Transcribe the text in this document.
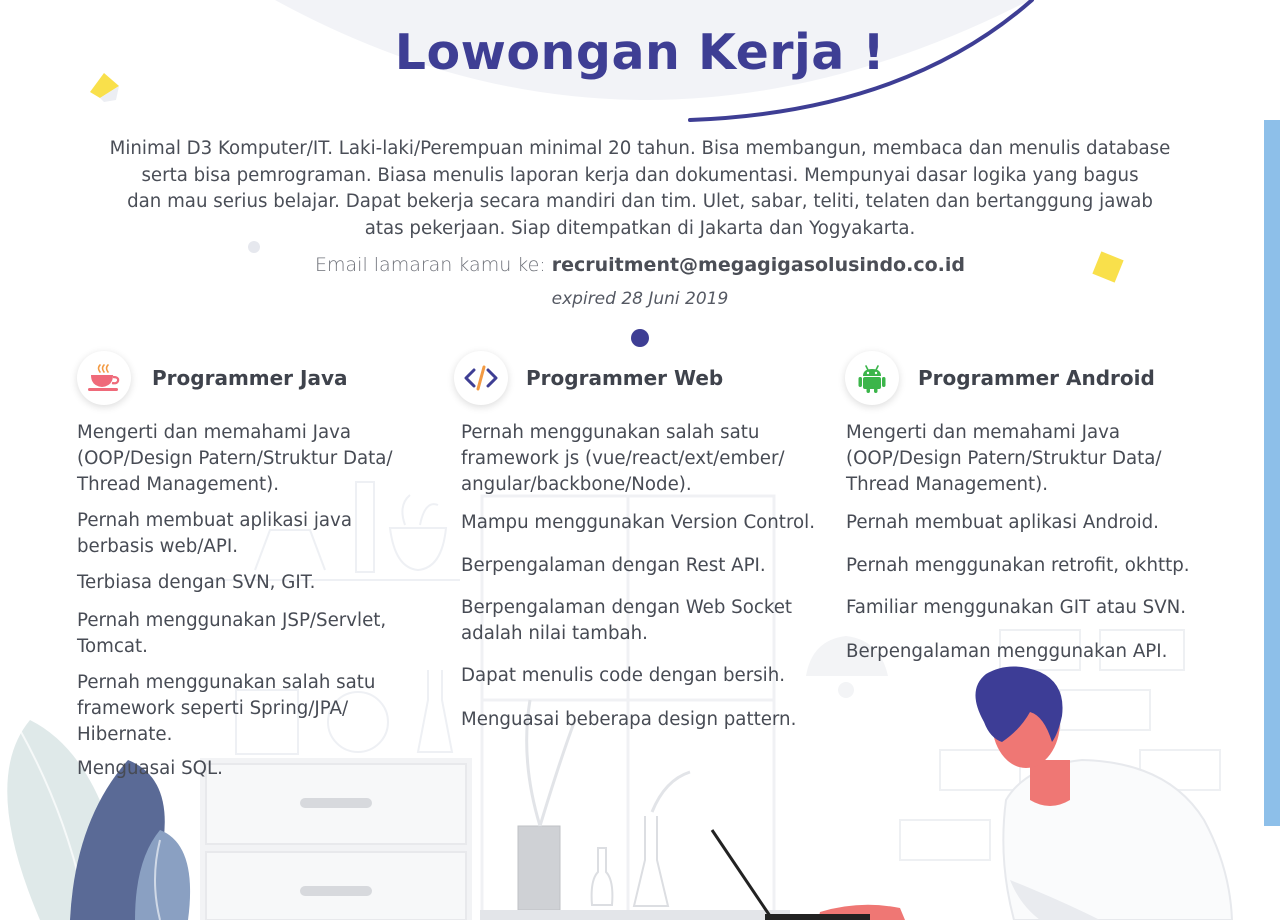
Lowongan Kerja !

Minimal D3 Komputer/IT. Laki-laki/Perempuan minimal 20 tahun. Bisa membangun, membaca dan menulis database
serta bisa pemrograman. Biasa menulis laporan kerja dan dokumentasi. Mempunyai dasar logika yang bagus
dan mau serius belajar. Dapat bekerja secara mandiri dan tim. Ulet, sabar, teliti, telaten dan bertanggung jawab
atas pekerjaan. Siap ditempatkan di Jakarta dan Yogyakarta.

Email lamaran kamu ke: recruitment@megagigasolusindo.co.id
expired 28 Juni 2019
Programmer Java
Mengerti dan memahami Java
(OOP/Design Patern/Struktur Data/
Thread Management).
Pernah membuat aplikasi java
berbasis web/API.
Terbiasa dengan SVN, GIT.
Pernah menggunakan JSP/Servlet,
Tomcat.
Pernah menggunakan salah satu
framework seperti Spring/JPA/
Hibernate.
Menguasai SQL.
Programmer Web
Pernah menggunakan salah satu
framework js (vue/react/ext/ember/
angular/backbone/Node).
Mampu menggunakan Version Control.
Berpengalaman dengan Rest API.
Berpengalaman dengan Web Socket
adalah nilai tambah.
Dapat menulis code dengan bersih.
Menguasai beberapa design pattern.
Programmer Android
Mengerti dan memahami Java
(OOP/Design Patern/Struktur Data/
Thread Management).
Pernah membuat aplikasi Android.
Pernah menggunakan retrofit, okhttp.
Familiar menggunakan GIT atau SVN.
Berpengalaman menggunakan API.
